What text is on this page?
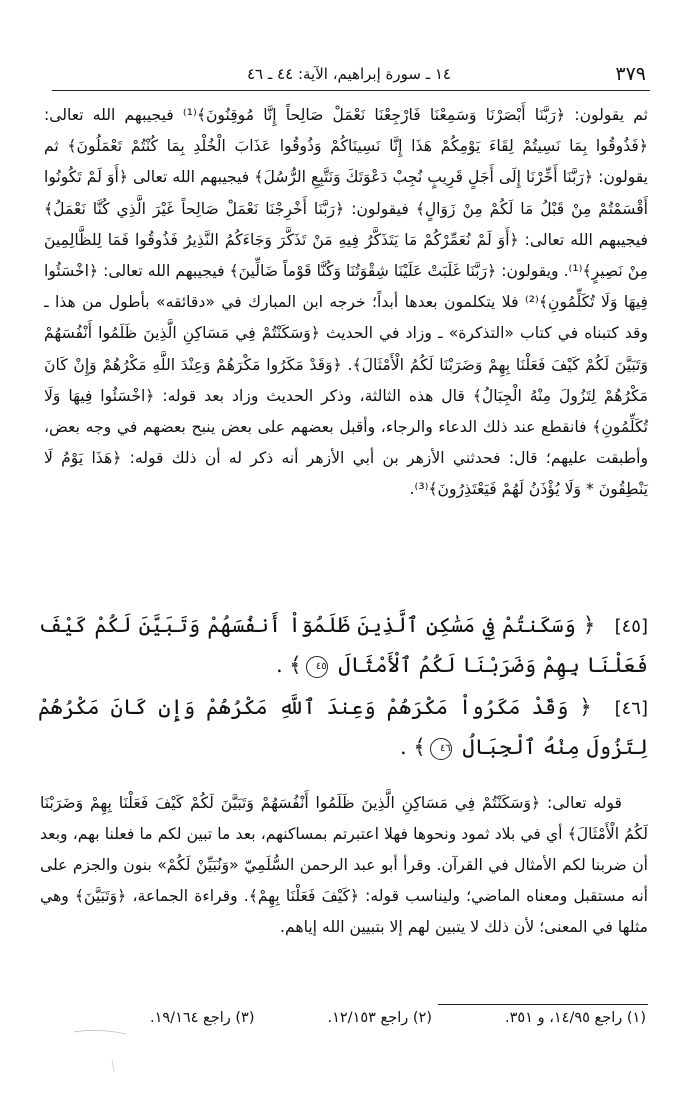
٣٧٩
١٤ ـ سورة إبراهيم، الآية: ٤٤ ـ ٤٦

ثم يقولون: ﴿رَبَّنَا أَبْصَرْنَا وَسَمِعْنَا فَارْجِعْنَا نَعْمَلْ صَالِحاً إِنَّا مُوقِنُونَ﴾⁽¹⁾ فيجيبهم الله تعالى: ﴿فَذُوقُوا بِمَا نَسِيتُمْ لِقَاءَ يَوْمِكُمْ هَذَا إِنَّا نَسِينَاكُمْ وَذُوقُوا عَذَابَ الْخُلْدِ بِمَا كُنْتُمْ تَعْمَلُونَ﴾ ثم يقولون: ﴿رَبَّنَا أَخِّرْنَا إِلَى أَجَلٍ قَرِيبٍ نُجِبْ دَعْوَتَكَ وَنَتَّبِعِ الرُّسُلَ﴾ فيجيبهم الله تعالى ﴿أَوَ لَمْ تَكُونُوا أَقْسَمْتُمْ مِنْ قَبْلُ مَا لَكُمْ مِنْ زَوَالٍ﴾ فيقولون: ﴿رَبَّنَا أَخْرِجْنَا نَعْمَلْ صَالِحاً غَيْرَ الَّذِي كُنَّا نَعْمَلُ﴾ فيجيبهم الله تعالى: ﴿أَوَ لَمْ نُعَمِّرْكُمْ مَا يَتَذَكَّرُ فِيهِ مَنْ تَذَكَّرَ وَجَاءَكُمُ النَّذِيرُ فَذُوقُوا فَمَا لِلظَّالِمِينَ مِنْ نَصِيرٍ﴾⁽¹⁾. ويقولون: ﴿رَبَّنَا غَلَبَتْ عَلَيْنَا شِقْوَتُنَا وَكُنَّا قَوْماً ضَالِّينَ﴾ فيجيبهم الله تعالى: ﴿اخْسَئُوا فِيهَا وَلَا تُكَلِّمُونِ﴾⁽²⁾ فلا يتكلمون بعدها أبداً؛ خرجه ابن المبارك في «دقائقه» بأطول من هذا ـ وقد كتبناه في كتاب «التذكرة» ـ وزاد في الحديث ﴿وَسَكَنْتُمْ فِي مَسَاكِنِ الَّذِينَ ظَلَمُوا أَنْفُسَهُمْ وَتَبَيَّنَ لَكُمْ كَيْفَ فَعَلْنَا بِهِمْ وَضَرَبْنَا لَكُمُ الْأَمْثَالَ﴾. ﴿وَقَدْ مَكَرُوا مَكْرَهُمْ وَعِنْدَ اللَّهِ مَكْرُهُمْ وَإِنْ كَانَ مَكْرُهُمْ لِتَزُولَ مِنْهُ الْجِبَالُ﴾ قال هذه الثالثة، وذكر الحديث وزاد بعد قوله: ﴿اخْسَئُوا فِيهَا وَلَا تُكَلِّمُونِ﴾ فانقطع عند ذلك الدعاء والرجاء، وأقبل بعضهم على بعض ينبح بعضهم في وجه بعض، وأطبقت عليهم؛ قال: فحدثني الأزهر بن أبي الأزهر أنه ذكر له أن ذلك قوله: ﴿هَذَا يَوْمُ لَا يَنْطِقُونَ * وَلَا يُؤْذَنُ لَهُمْ فَيَعْتَذِرُونَ﴾⁽³⁾.

[٤٥] ﴿ وَسَكَنتُمْ فِي مَسَٰكِنِ ٱلَّذِينَ ظَلَمُوٓاْ أَنفُسَهُمْ وَتَبَيَّنَ لَكُمْ كَيْفَ فَعَلْنَا بِهِمْ وَضَرَبْنَا لَكُمُ ٱلْأَمْثَالَ ٤٥﴾ .

[٤٦] ﴿ وَقَدْ مَكَرُواْ مَكْرَهُمْ وَعِندَ ٱللَّهِ مَكْرُهُمْ وَإِن كَانَ مَكْرُهُمْ لِتَزُولَ مِنْهُ ٱلْجِبَالُ ٤٦﴾ .

قوله تعالى: ﴿وَسَكَنْتُمْ فِي مَسَاكِنِ الَّذِينَ ظَلَمُوا أَنْفُسَهُمْ وَتَبَيَّنَ لَكُمْ كَيْفَ فَعَلْنَا بِهِمْ وَضَرَبْنَا لَكُمُ الْأَمْثَالَ﴾ أي في بلاد ثمود ونحوها فهلا اعتبرتم بمساكنهم، بعد ما تبين لكم ما فعلنا بهم، وبعد أن ضربنا لكم الأمثال في القرآن. وقرأ أبو عبد الرحمن السُّلَمِيّ «وَنُبَيِّنْ لَكُمْ» بنون والجزم على أنه مستقبل ومعناه الماضي؛ وليناسب قوله: ﴿كَيْفَ فَعَلْنَا بِهِمْ﴾. وقراءة الجماعة، ﴿وَتَبَيَّنَ﴾ وهي مثلها في المعنى؛ لأن ذلك لا يتبين لهم إلا بتبيين الله إياهم.

(١) راجع ١٤/٩٥، و ٣٥١.
(٢) راجع ١٢/١٥٣.
(٣) راجع ١٩/١٦٤.
